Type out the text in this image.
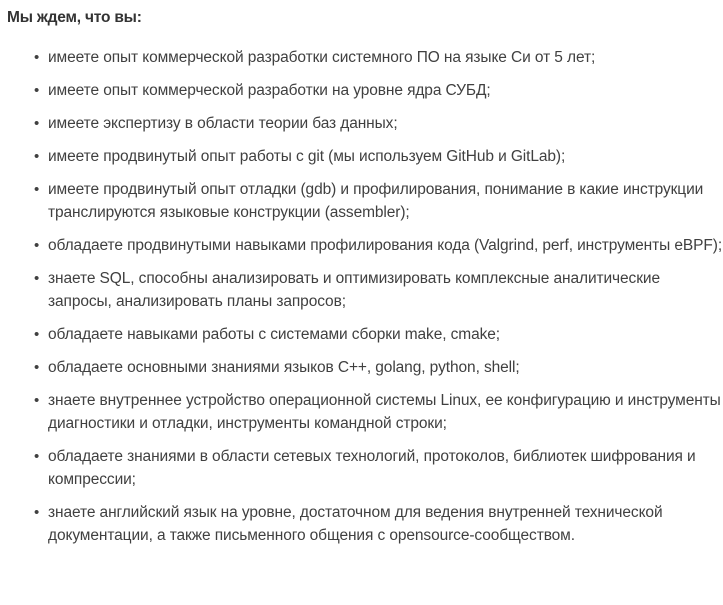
Мы ждем, что вы:
• имеете опыт коммерческой разработки системного ПО на языке Си от 5 лет;
• имеете опыт коммерческой разработки на уровне ядра СУБД;
• имеете экспертизу в области теории баз данных;
• имеете продвинутый опыт работы с git (мы используем GitHub и GitLab);
• имеете продвинутый опыт отладки (gdb) и профилирования, понимание в какие инструкции транслируются языковые конструкции (assembler);
• обладаете продвинутыми навыками профилирования кода (Valgrind, perf, инструменты eBPF);
• знаете SQL, способны анализировать и оптимизировать комплексные аналитические запросы, анализировать планы запросов;
• обладаете навыками работы с системами сборки make, cmake;
• обладаете основными знаниями языков C++, golang, python, shell;
• знаете внутреннее устройство операционной системы Linux, ее конфигурацию и инструменты диагностики и отладки, инструменты командной строки;
• обладаете знаниями в области сетевых технологий, протоколов, библиотек шифрования и компрессии;
• знаете английский язык на уровне, достаточном для ведения внутренней технической документации, а также письменного общения с opensource-сообществом.
